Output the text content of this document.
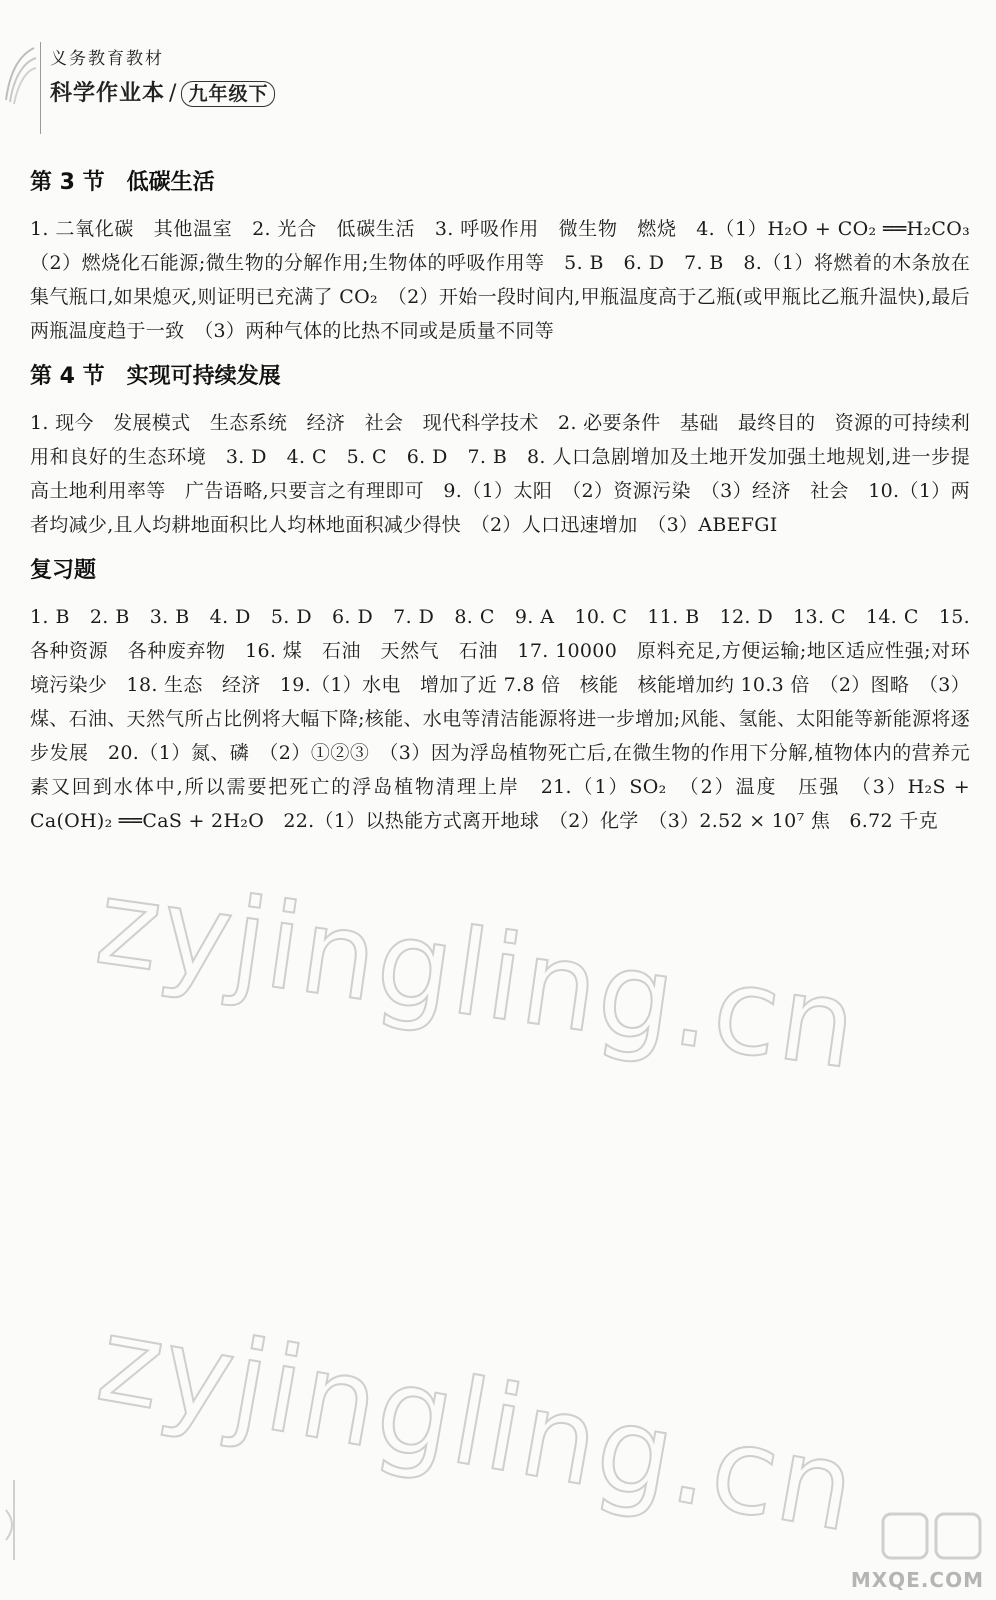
义务教育教材
科学作业本 / 九年级下
第 3 节 低碳生活

1. 二氧化碳　其他温室　2. 光合　低碳生活　3. 呼吸作用　微生物　燃烧　4.（1）H₂O + CO₂ ══H₂CO₃　（2）燃烧化石能源;微生物的分解作用;生物体的呼吸作用等　5. B　6. D　7. B　8.（1）将燃着的木条放在集气瓶口,如果熄灭,则证明已充满了 CO₂　（2）开始一段时间内,甲瓶温度高于乙瓶(或甲瓶比乙瓶升温快),最后两瓶温度趋于一致　（3）两种气体的比热不同或是质量不同等

第 4 节 实现可持续发展

1. 现今　发展模式　生态系统　经济　社会　现代科学技术　2. 必要条件　基础　最终目的　资源的可持续利用和良好的生态环境　3. D　4. C　5. C　6. D　7. B　8. 人口急剧增加及土地开发加强土地规划,进一步提高土地利用率等　广告语略,只要言之有理即可　9.（1）太阳　（2）资源污染　（3）经济　社会　10.（1）两者均减少,且人均耕地面积比人均林地面积减少得快　（2）人口迅速增加　（3）ABEFGI

复习题

1. B　2. B　3. B　4. D　5. D　6. D　7. D　8. C　9. A　10. C　11. B　12. D　13. C　14. C　15. 各种资源　各种废弃物　16. 煤　石油　天然气　石油　17. 10000　原料充足,方便运输;地区适应性强;对环境污染少　18. 生态　经济　19.（1）水电　增加了近 7.8 倍　核能　核能增加约 10.3 倍　（2）图略　（3）煤、石油、天然气所占比例将大幅下降;核能、水电等清洁能源将进一步增加;风能、氢能、太阳能等新能源将逐步发展　20.（1）氮、磷　（2）①②③　（3）因为浮岛植物死亡后,在微生物的作用下分解,植物体内的营养元素又回到水体中,所以需要把死亡的浮岛植物清理上岸　21.（1）SO₂　（2）温度　压强　（3）H₂S + Ca(OH)₂ ══CaS + 2H₂O　22.（1）以热能方式离开地球　（2）化学　（3）2.52 × 10⁷ 焦　6.72 千克

zyjingling.cn
zyjingling.cn
MXQE.COM
